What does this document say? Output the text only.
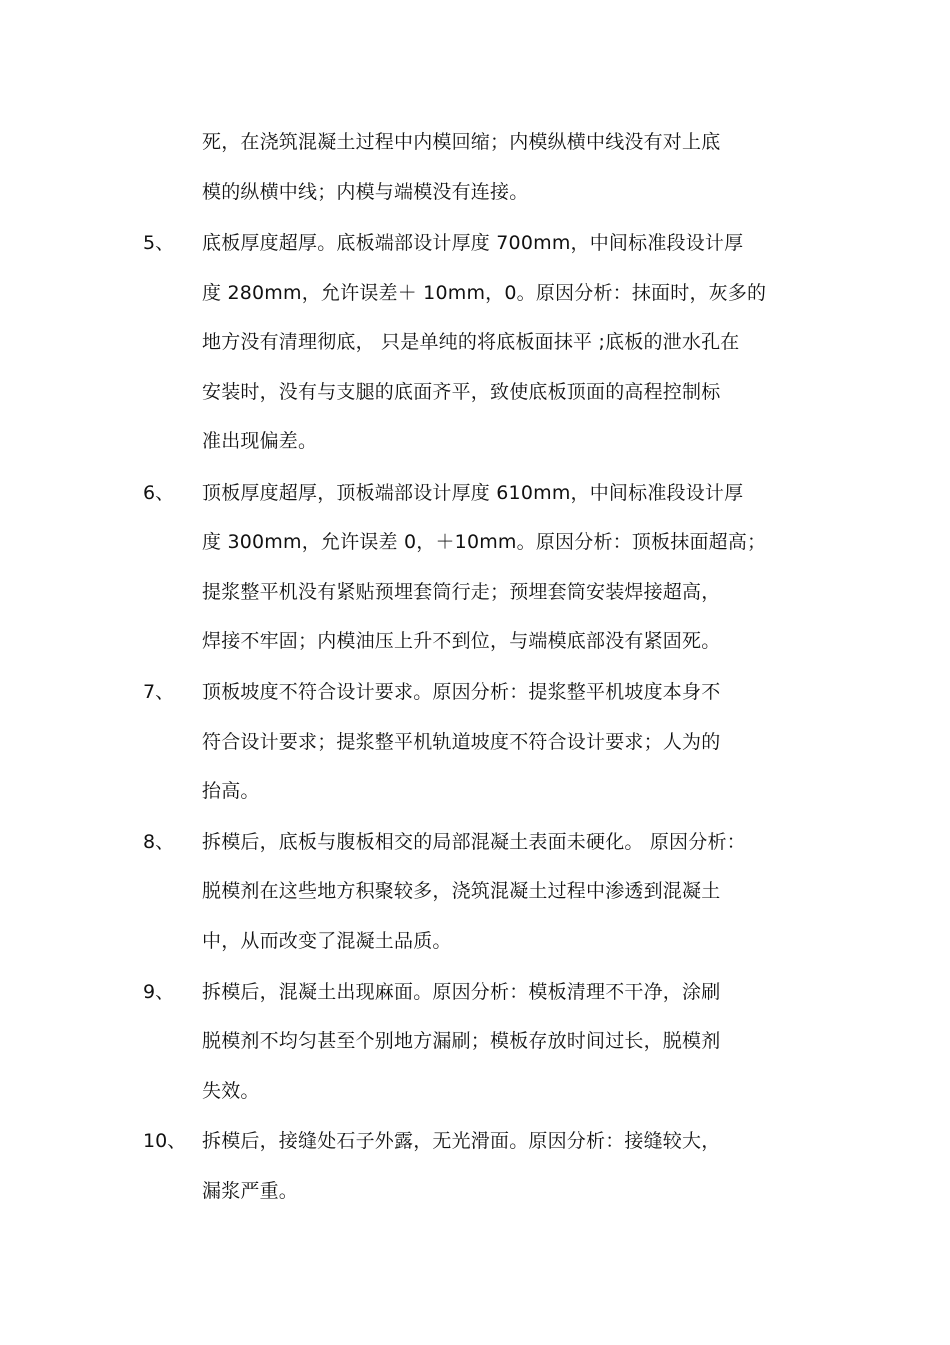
死，在浇筑混凝土过程中内模回缩；内模纵横中线没有对上底
模的纵横中线；内模与端模没有连接。
5、 底板厚度超厚。底板端部设计厚度 700mm，中间标准段设计厚
度 280mm，允许误差＋ 10mm，0。原因分析：抹面时，灰多的
地方没有清理彻底， 只是单纯的将底板面抹平 ;底板的泄水孔在
安装时，没有与支腿的底面齐平，致使底板顶面的高程控制标
准出现偏差。
6、 顶板厚度超厚，顶板端部设计厚度 610mm，中间标准段设计厚
度 300mm，允许误差 0，＋10mm。原因分析：顶板抹面超高；
提浆整平机没有紧贴预埋套筒行走；预埋套筒安装焊接超高，
焊接不牢固；内模油压上升不到位，与端模底部没有紧固死。
7、 顶板坡度不符合设计要求。原因分析：提浆整平机坡度本身不
符合设计要求；提浆整平机轨道坡度不符合设计要求；人为的
抬高。
8、 拆模后，底板与腹板相交的局部混凝土表面未硬化。 原因分析：
脱模剂在这些地方积聚较多，浇筑混凝土过程中渗透到混凝土
中，从而改变了混凝土品质。
9、 拆模后，混凝土出现麻面。原因分析：模板清理不干净，涂刷
脱模剂不均匀甚至个别地方漏刷；模板存放时间过长，脱模剂
失效。
10、 拆模后，接缝处石子外露，无光滑面。原因分析：接缝较大，
漏浆严重。
